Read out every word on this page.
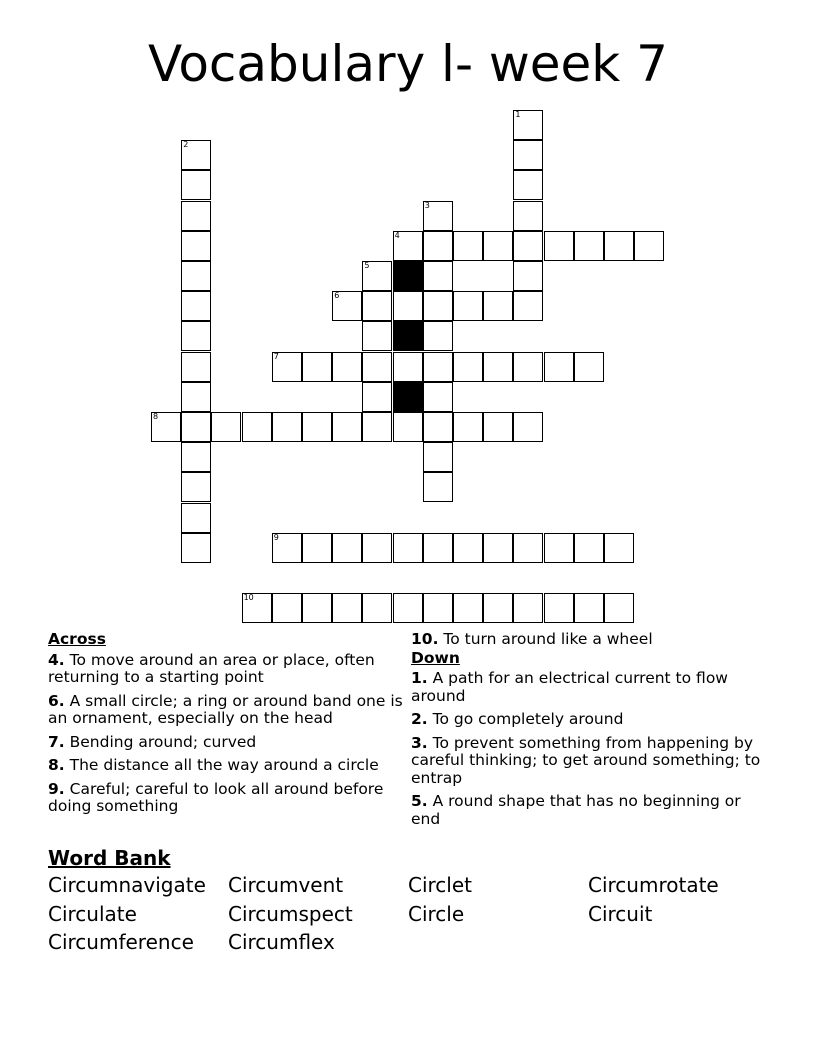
Vocabulary l- week 7
1
2
3
4
5
6
7
8
9
10
Across
4. To move around an area or place, often returning to a starting point
6. A small circle; a ring or around band one is an ornament, especially on the head
7. Bending around; curved
8. The distance all the way around a circle
9. Careful; careful to look all around before doing something
10. To turn around like a wheel
Down
1. A path for an electrical current to flow around
2. To go completely around
3. To prevent something from happening by careful thinking; to get around something; to entrap
5. A round shape that has no beginning or end
Word Bank
Circumnavigate	Circumvent	Circlet	Circumrotate
Circulate	Circumspect	Circle	Circuit
Circumference	Circumflex
